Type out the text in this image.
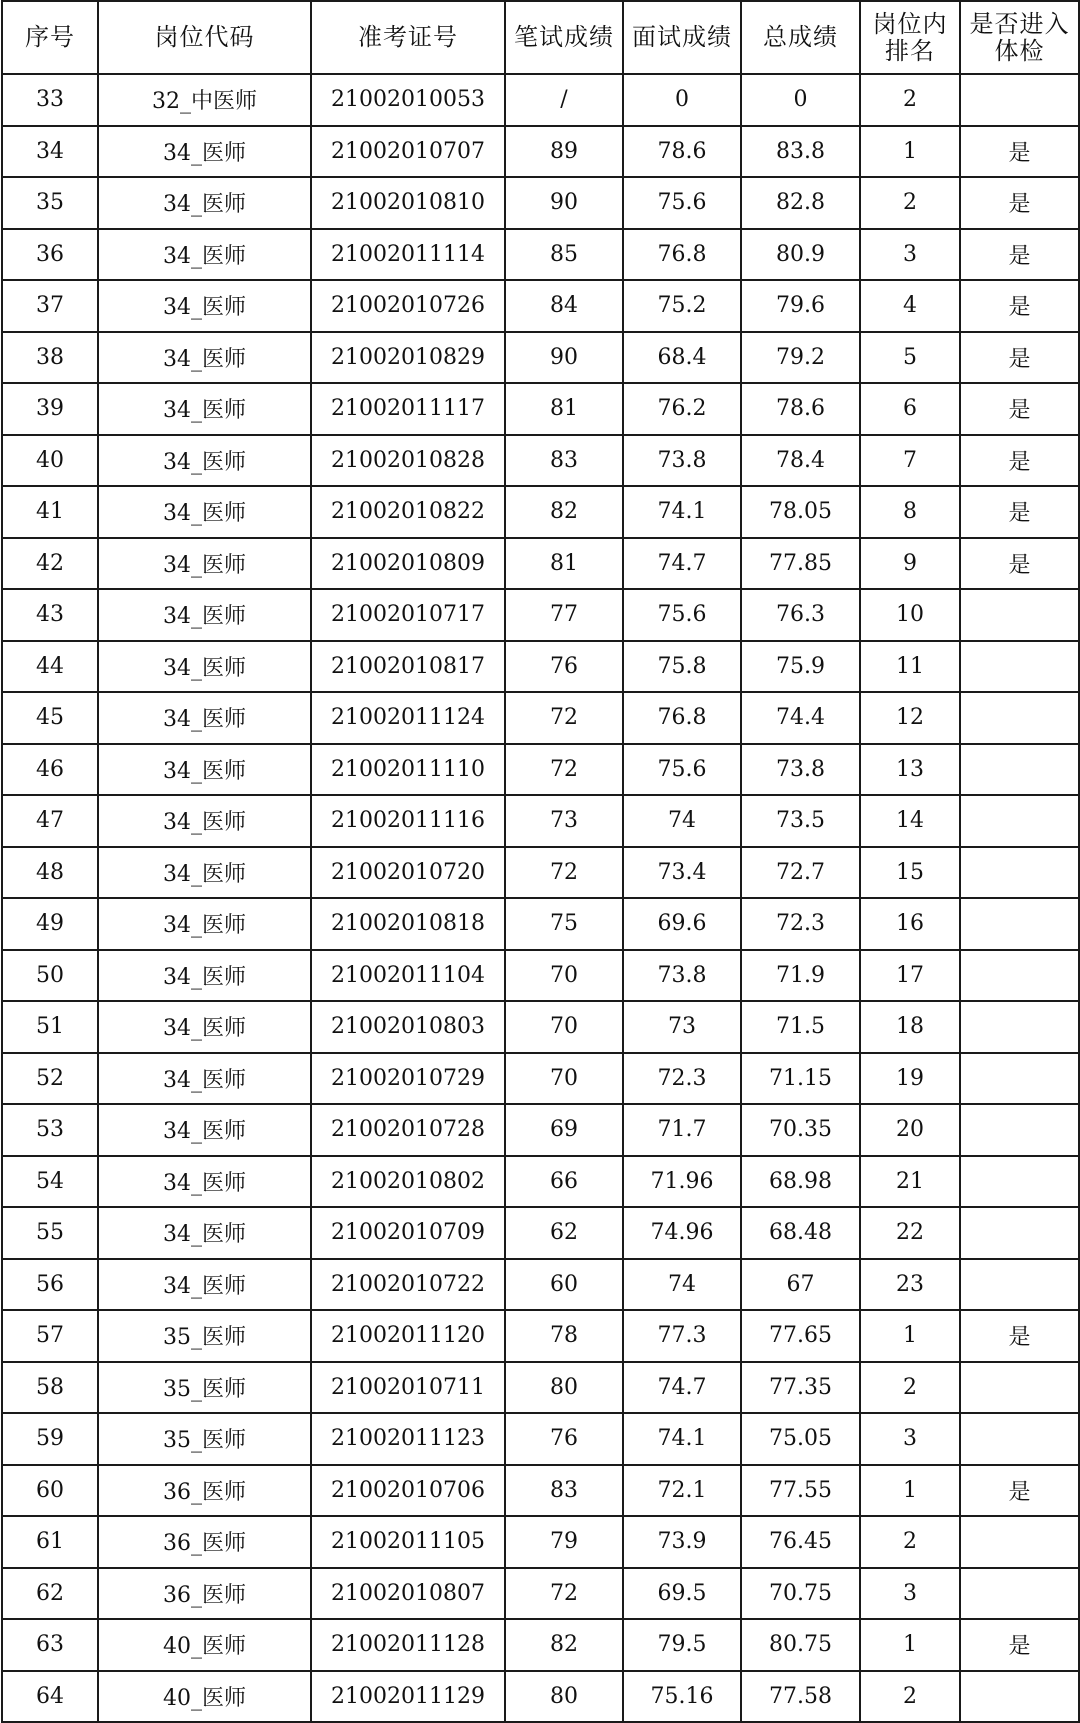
序号	岗位代码	准考证号	笔试成绩	面试成绩	总成绩	岗位内排名	是否进入体检
33	32_中医师	21002010053	/	0	0	2	
34	34_医师	21002010707	89	78.6	83.8	1	是
35	34_医师	21002010810	90	75.6	82.8	2	是
36	34_医师	21002011114	85	76.8	80.9	3	是
37	34_医师	21002010726	84	75.2	79.6	4	是
38	34_医师	21002010829	90	68.4	79.2	5	是
39	34_医师	21002011117	81	76.2	78.6	6	是
40	34_医师	21002010828	83	73.8	78.4	7	是
41	34_医师	21002010822	82	74.1	78.05	8	是
42	34_医师	21002010809	81	74.7	77.85	9	是
43	34_医师	21002010717	77	75.6	76.3	10	
44	34_医师	21002010817	76	75.8	75.9	11	
45	34_医师	21002011124	72	76.8	74.4	12	
46	34_医师	21002011110	72	75.6	73.8	13	
47	34_医师	21002011116	73	74	73.5	14	
48	34_医师	21002010720	72	73.4	72.7	15	
49	34_医师	21002010818	75	69.6	72.3	16	
50	34_医师	21002011104	70	73.8	71.9	17	
51	34_医师	21002010803	70	73	71.5	18	
52	34_医师	21002010729	70	72.3	71.15	19	
53	34_医师	21002010728	69	71.7	70.35	20	
54	34_医师	21002010802	66	71.96	68.98	21	
55	34_医师	21002010709	62	74.96	68.48	22	
56	34_医师	21002010722	60	74	67	23	
57	35_医师	21002011120	78	77.3	77.65	1	是
58	35_医师	21002010711	80	74.7	77.35	2	
59	35_医师	21002011123	76	74.1	75.05	3	
60	36_医师	21002010706	83	72.1	77.55	1	是
61	36_医师	21002011105	79	73.9	76.45	2	
62	36_医师	21002010807	72	69.5	70.75	3	
63	40_医师	21002011128	82	79.5	80.75	1	是
64	40_医师	21002011129	80	75.16	77.58	2	
